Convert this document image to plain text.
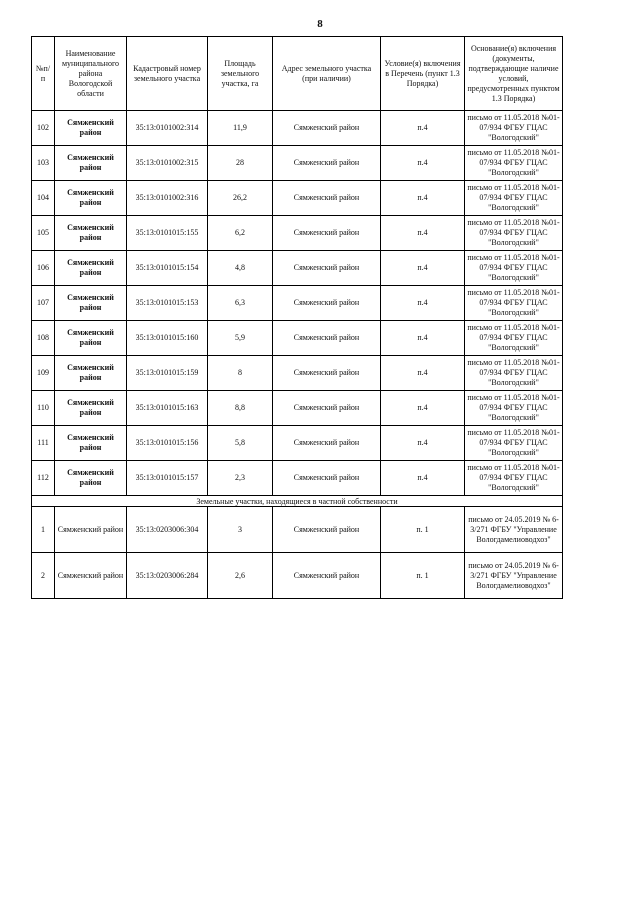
8
№п/п	Наименование муниципального района Вологодской области	Кадастровый номер земельного участка	Площадь земельного участка, га	Адрес земельного участка (при наличии)	Условие(я) включения в Перечень (пункт 1.3 Порядка)	Основание(я) включения (документы, подтверждающие наличие условий, предусмотренных пунктом 1.3 Порядка)
102	Сямженский район	35:13:0101002:314	11,9	Сямженский район	п.4	письмо от 11.05.2018 №01-07/934 ФГБУ ГЦАС "Вологодский"
103	Сямженский район	35:13:0101002:315	28	Сямженский район	п.4	письмо от 11.05.2018 №01-07/934 ФГБУ ГЦАС "Вологодский"
104	Сямженский район	35:13:0101002:316	26,2	Сямженский район	п.4	письмо от 11.05.2018 №01-07/934 ФГБУ ГЦАС "Вологодский"
105	Сямженский район	35:13:0101015:155	6,2	Сямженский район	п.4	письмо от 11.05.2018 №01-07/934 ФГБУ ГЦАС "Вологодский"
106	Сямженский район	35:13:0101015:154	4,8	Сямженский район	п.4	письмо от 11.05.2018 №01-07/934 ФГБУ ГЦАС "Вологодский"
107	Сямженский район	35:13:0101015:153	6,3	Сямженский район	п.4	письмо от 11.05.2018 №01-07/934 ФГБУ ГЦАС "Вологодский"
108	Сямженский район	35:13:0101015:160	5,9	Сямженский район	п.4	письмо от 11.05.2018 №01-07/934 ФГБУ ГЦАС "Вологодский"
109	Сямженский район	35:13:0101015:159	8	Сямженский район	п.4	письмо от 11.05.2018 №01-07/934 ФГБУ ГЦАС "Вологодский"
110	Сямженский район	35:13:0101015:163	8,8	Сямженский район	п.4	письмо от 11.05.2018 №01-07/934 ФГБУ ГЦАС "Вологодский"
111	Сямженский район	35:13:0101015:156	5,8	Сямженский район	п.4	письмо от 11.05.2018 №01-07/934 ФГБУ ГЦАС "Вологодский"
112	Сямженский район	35:13:0101015:157	2,3	Сямженский район	п.4	письмо от 11.05.2018 №01-07/934 ФГБУ ГЦАС "Вологодский"
Земельные участки, находящиеся в частной собственности						
1	Сямженский район	35:13:0203006:304	3	Сямженский район	п. 1	письмо от 24.05.2019 № 6-3/271 ФГБУ "Управление Вологдамелиоводхоз"
2	Сямженский район	35:13:0203006:284	2,6	Сямженский район	п. 1	письмо от 24.05.2019 № 6-3/271 ФГБУ "Управление Вологдамелиоводхоз"
